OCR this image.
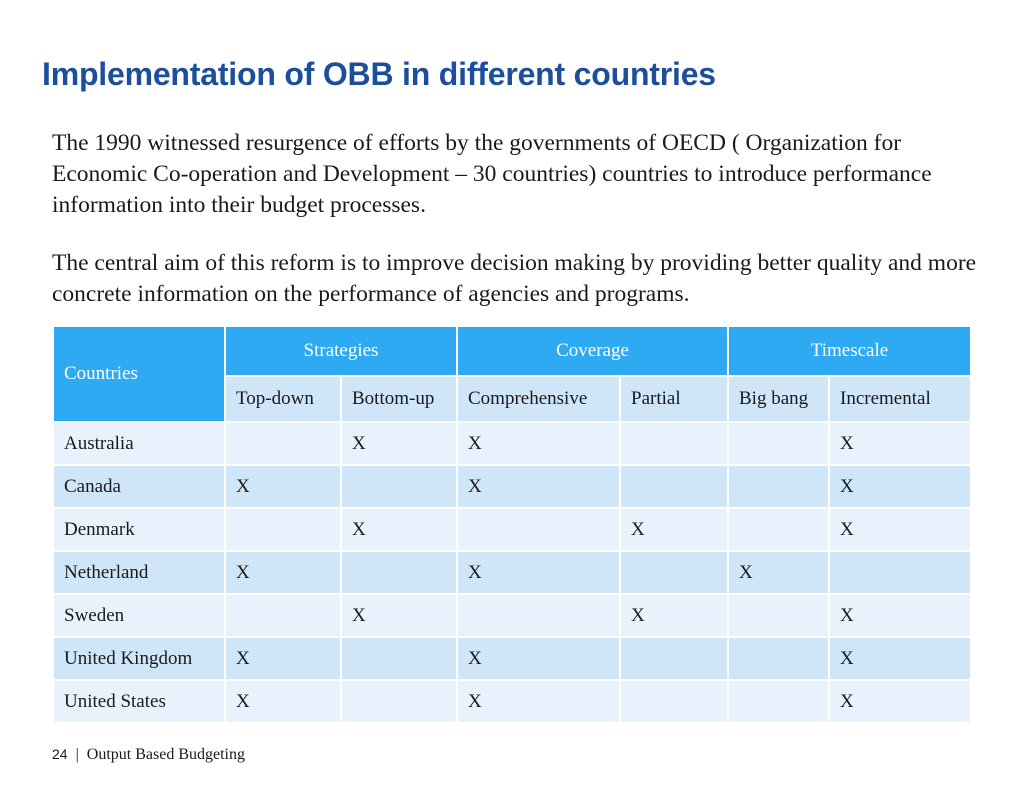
Implementation of OBB in different countries

The 1990 witnessed resurgence of efforts by the governments of OECD ( Organization for Economic Co-operation and Development – 30 countries) countries to introduce performance information into their budget processes.

The central aim of this reform is to improve decision making by providing better quality and more concrete information on the performance of agencies and programs.

Countries	Strategies		Coverage		Timescale	
	Top-down	Bottom-up	Comprehensive	Partial	Big bang	Incremental
Australia		X	X			X
Canada	X		X			X
Denmark		X		X		X
Netherland	X		X		X	
Sweden		X		X		X
United Kingdom	X		X			X
United States	X		X			X
24 | Output Based Budgeting
